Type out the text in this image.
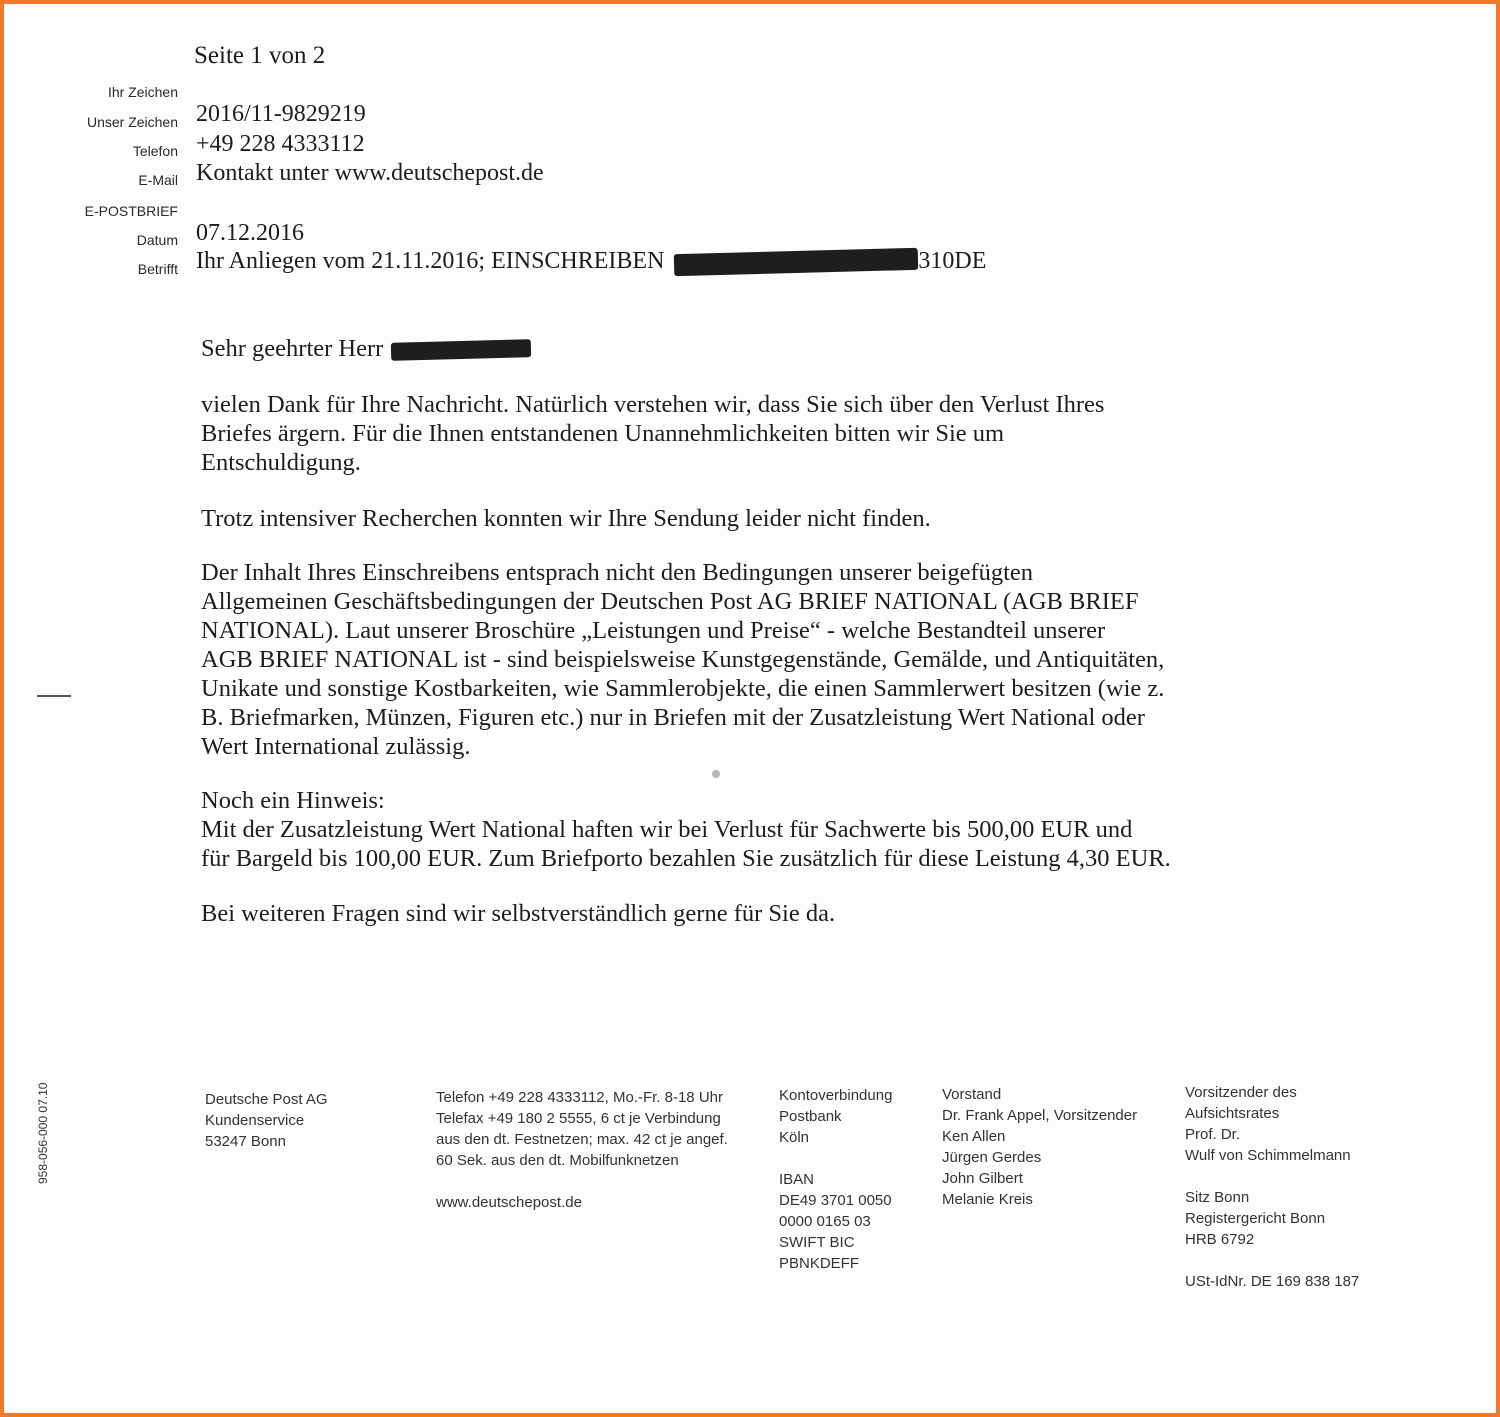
Seite 1 von 2
Ihr Zeichen
Unser Zeichen
Telefon
E-Mail
E-POSTBRIEF
Datum
Betrifft
2016/11-9829219
+49 228 4333112
Kontakt unter www.deutschepost.de
07.12.2016
Ihr Anliegen vom 21.11.2016; EINSCHREIBEN	310DE
Sehr geehrter Herr
vielen Dank für Ihre Nachricht. Natürlich verstehen wir, dass Sie sich über den Verlust Ihres
Briefes ärgern. Für die Ihnen entstandenen Unannehmlichkeiten bitten wir Sie um
Entschuldigung.
Trotz intensiver Recherchen konnten wir Ihre Sendung leider nicht finden.
Der Inhalt Ihres Einschreibens entsprach nicht den Bedingungen unserer beigefügten
Allgemeinen Geschäftsbedingungen der Deutschen Post AG BRIEF NATIONAL (AGB BRIEF
NATIONAL). Laut unserer Broschüre „Leistungen und Preise“ - welche Bestandteil unserer
AGB BRIEF NATIONAL ist - sind beispielsweise Kunstgegenstände, Gemälde, und Antiquitäten,
Unikate und sonstige Kostbarkeiten, wie Sammlerobjekte, die einen Sammlerwert besitzen (wie z.
B. Briefmarken, Münzen, Figuren etc.) nur in Briefen mit der Zusatzleistung Wert National oder
Wert International zulässig.
Noch ein Hinweis:
Mit der Zusatzleistung Wert National haften wir bei Verlust für Sachwerte bis 500,00 EUR und
für Bargeld bis 100,00 EUR. Zum Briefporto bezahlen Sie zusätzlich für diese Leistung 4,30 EUR.
Bei weiteren Fragen sind wir selbstverständlich gerne für Sie da.
958-056-000 07.10	Deutsche Post AG
Kundenservice
53247 Bonn
Telefon +49 228 4333112, Mo.-Fr. 8-18 Uhr
Telefax +49 180 2 5555, 6 ct je Verbindung
aus den dt. Festnetzen; max. 42 ct je angef.
60 Sek. aus den dt. Mobilfunknetzen
www.deutschepost.de
Kontoverbindung
Postbank
Köln
IBAN
DE49 3701 0050
0000 0165 03
SWIFT BIC
PBNKDEFF
Vorstand
Dr. Frank Appel, Vorsitzender
Ken Allen
Jürgen Gerdes
John Gilbert
Melanie Kreis
Vorsitzender des
Aufsichtsrates
Prof. Dr.
Wulf von Schimmelmann
Sitz Bonn
Registergericht Bonn
HRB 6792
USt-IdNr. DE 169 838 187
